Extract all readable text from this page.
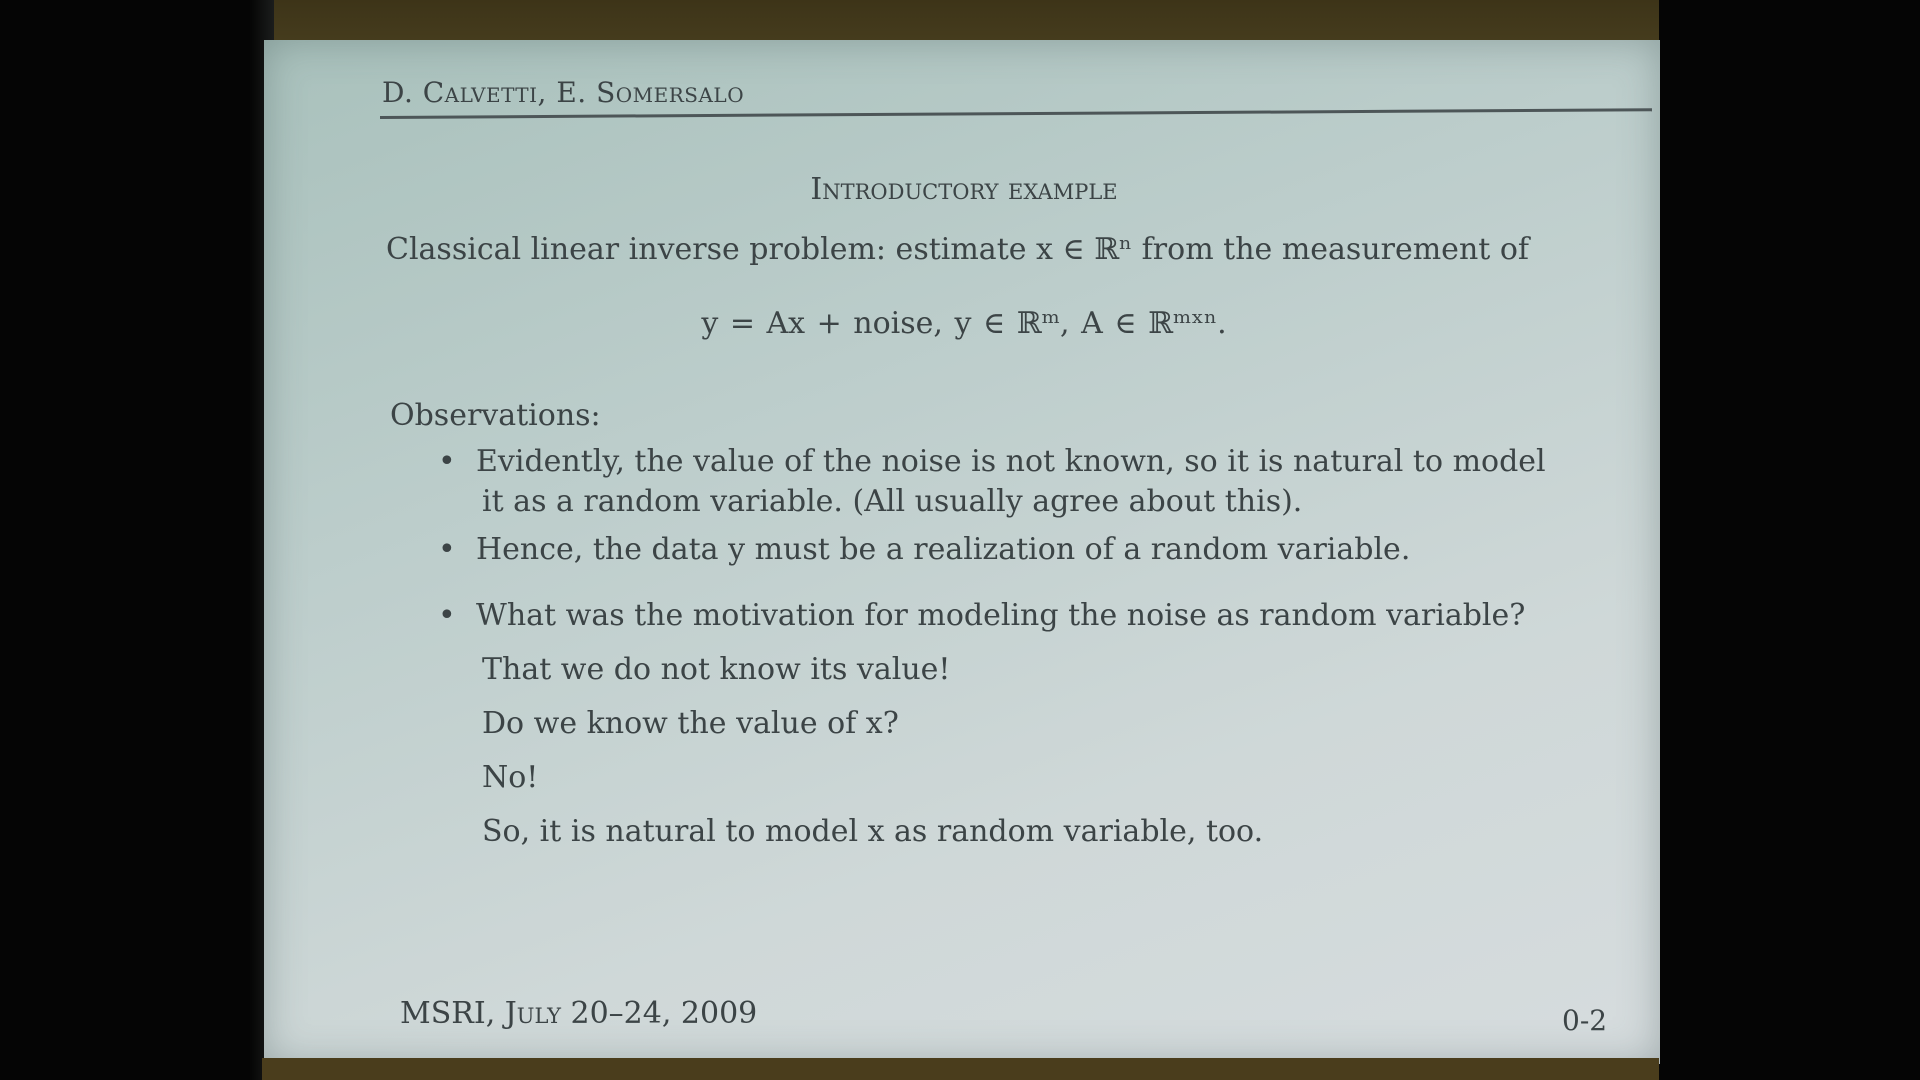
D. Calvetti, E. Somersalo
Introductory example
Classical linear inverse problem: estimate x ∈ ℝⁿ from the measurement of
y = Ax + noise, y ∈ ℝᵐ, A ∈ ℝᵐˣⁿ.
Observations:
• Evidently, the value of the noise is not known, so it is natural to model
it as a random variable. (All usually agree about this).
• Hence, the data y must be a realization of a random variable.
• What was the motivation for modeling the noise as random variable?
That we do not know its value!
Do we know the value of x?
No!
So, it is natural to model x as random variable, too.
MSRI, July 20–24, 2009	0-2
